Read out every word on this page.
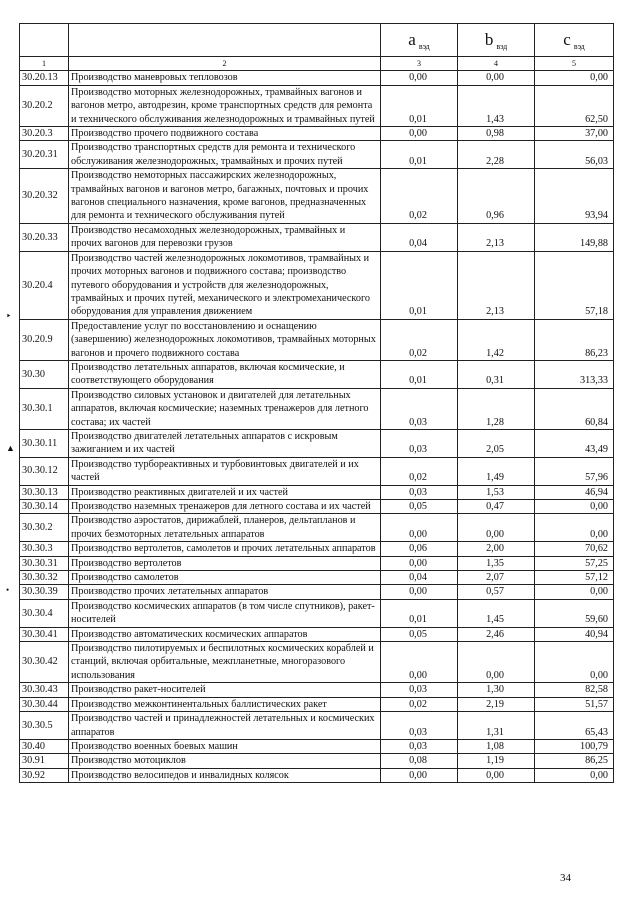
		a $^{вэд}$	b $^{вэд}$	c $^{вэд}$
1	2	3	4	5
30.20.13	Производство маневровых тепловозов	0,00	0,00	0,00
30.20.2	Производство моторных железнодорожных, трамвайных вагонов и вагонов метро, автодрезин, кроме транспортных средств для ремонта и технического обслуживания железнодорожных и трамвайных путей	0,01	1,43	62,50
30.20.3	Производство прочего подвижного состава	0,00	0,98	37,00
30.20.31	Производство транспортных средств для ремонта и технического обслуживания железнодорожных, трамвайных и прочих путей	0,01	2,28	56,03
30.20.32	Производство немоторных пассажирских железнодорожных, трамвайных вагонов и вагонов метро, багажных, почтовых и прочих вагонов специального назначения, кроме вагонов, предназначенных для ремонта и технического обслуживания путей	0,02	0,96	93,94
30.20.33	Производство несамоходных железнодорожных, трамвайных и прочих вагонов для перевозки грузов	0,04	2,13	149,88
30.20.4	Производство частей железнодорожных локомотивов, трамвайных и прочих моторных вагонов и подвижного состава; производство путевого оборудования и устройств для железнодорожных, трамвайных и прочих путей, механического и электромеханического оборудования для управления движением	0,01	2,13	57,18
30.20.9	Предоставление услуг по восстановлению и оснащению (завершению) железнодорожных локомотивов, трамвайных моторных вагонов и прочего подвижного состава	0,02	1,42	86,23
30.30	Производство летательных аппаратов, включая космические, и соответствующего оборудования	0,01	0,31	313,33
30.30.1	Производство силовых установок и двигателей для летательных аппаратов, включая космические; наземных тренажеров для летного состава; их частей	0,03	1,28	60,84
30.30.11	Производство двигателей летательных аппаратов с искровым зажиганием и их частей	0,03	2,05	43,49
30.30.12	Производство турбореактивных и турбовинтовых двигателей и их частей	0,02	1,49	57,96
30.30.13	Производство реактивных двигателей и их частей	0,03	1,53	46,94
30.30.14	Производство наземных тренажеров для летного состава и их частей	0,05	0,47	0,00
30.30.2	Производство аэростатов, дирижаблей, планеров, дельтапланов и прочих безмоторных летательных аппаратов	0,00	0,00	0,00
30.30.3	Производство вертолетов, самолетов и прочих летательных аппаратов	0,06	2,00	70,62
30.30.31	Производство вертолетов	0,00	1,35	57,25
30.30.32	Производство самолетов	0,04	2,07	57,12
30.30.39	Производство прочих летательных аппаратов	0,00	0,57	0,00
30.30.4	Производство космических аппаратов (в том числе спутников), ракет-носителей	0,01	1,45	59,60
30.30.41	Производство автоматических космических аппаратов	0,05	2,46	40,94
30.30.42	Производство пилотируемых и беспилотных космических кораблей и станций, включая орбитальные, межпланетные, многоразового использования	0,00	0,00	0,00
30.30.43	Производство ракет-носителей	0,03	1,30	82,58
30.30.44	Производство межконтинентальных баллистических ракет	0,02	2,19	51,57
30.30.5	Производство частей и принадлежностей летательных и космических аппаратов	0,03	1,31	65,43
30.40	Производство военных боевых машин	0,03	1,08	100,79
30.91	Производство мотоциклов	0,08	1,19	86,25
30.92	Производство велосипедов и инвалидных колясок	0,00	0,00	0,00
34
‣
▲
•
